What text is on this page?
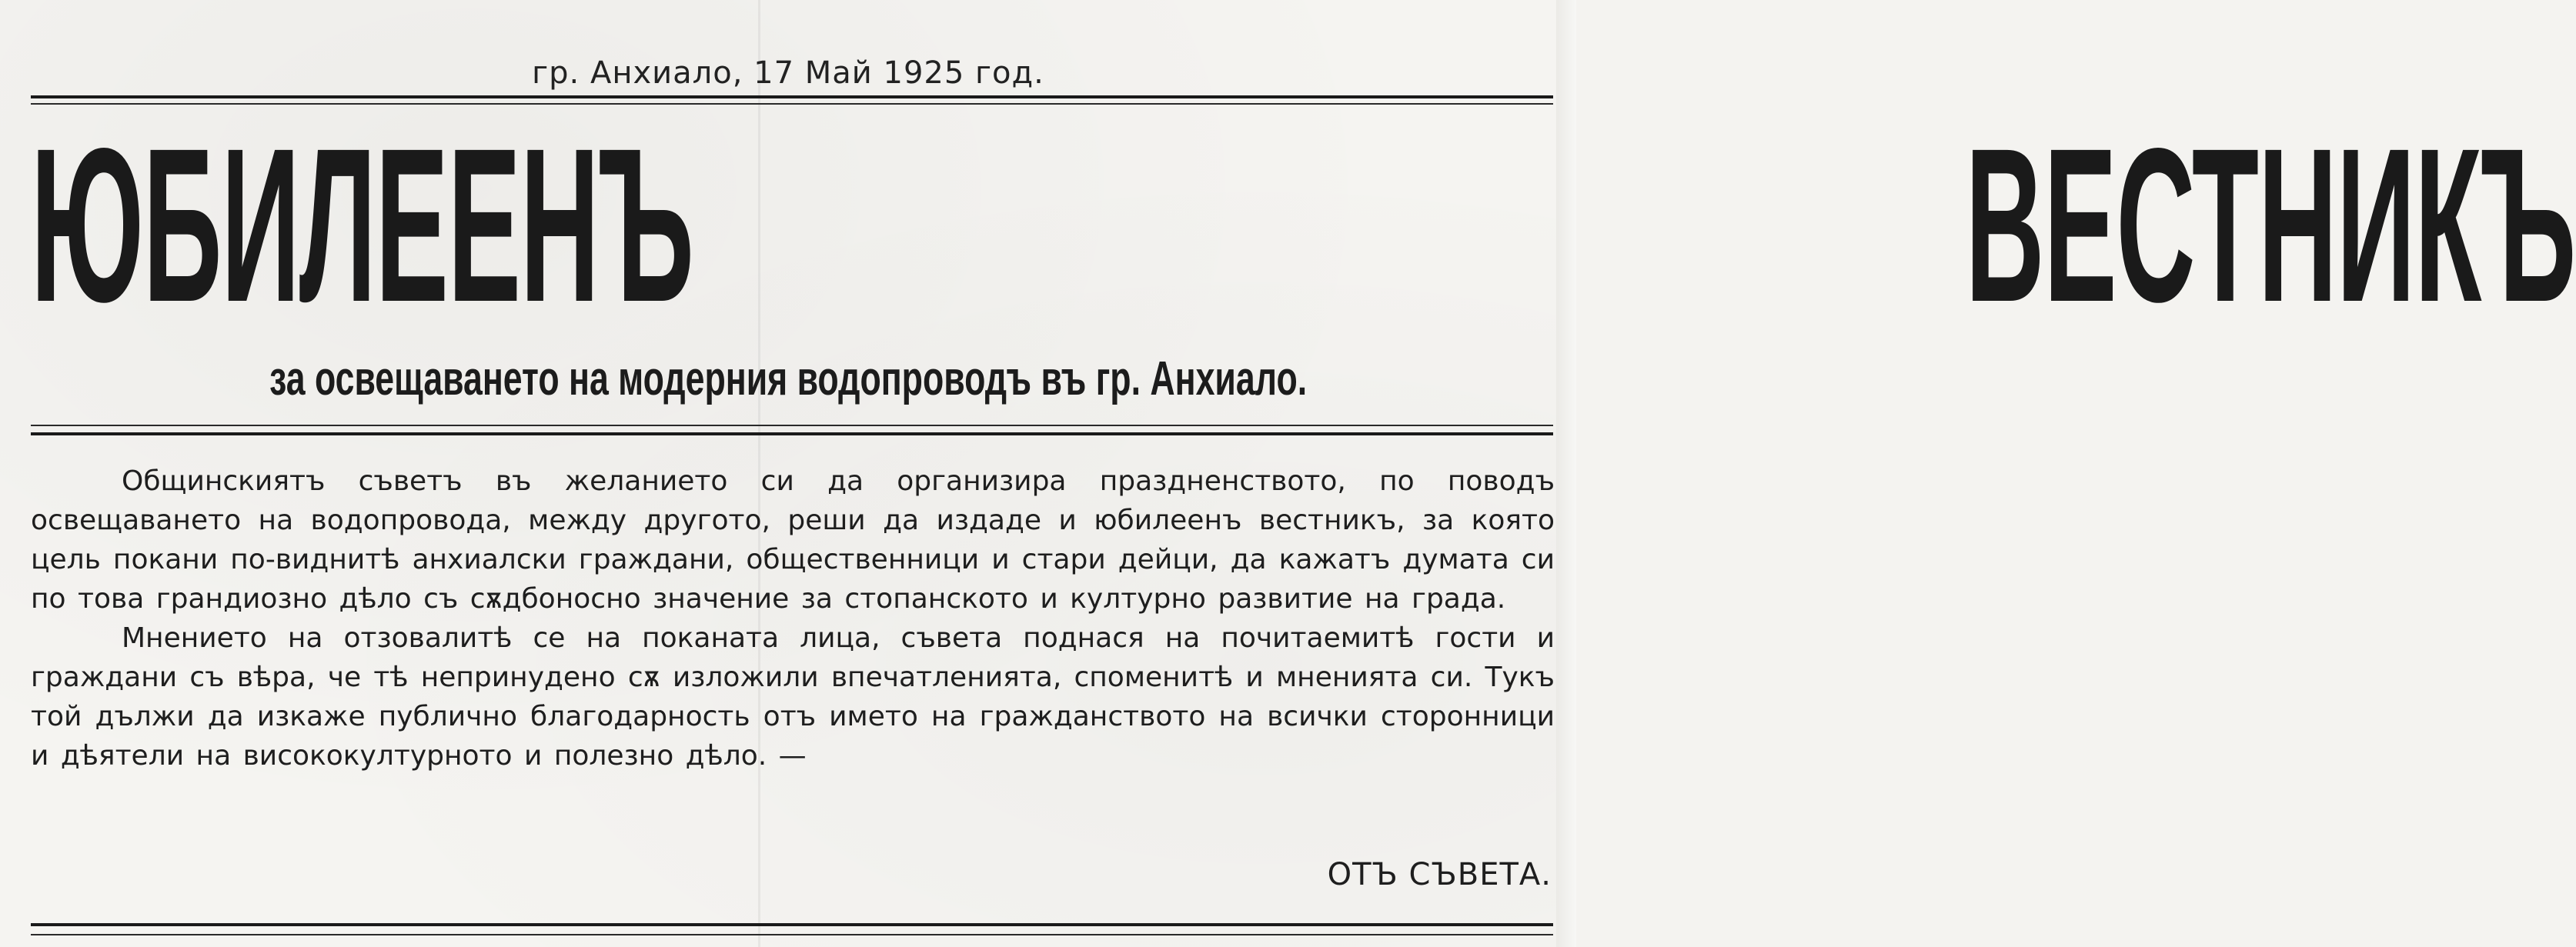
гр. Анхиало, 17 Май 1925 год.
ЮБИЛЕЕНЪ	ВЕСТНИКЪ
за освещаването на модерния водопроводъ въ гр. Анхиало.

Общинскиятъ съветъ въ желанието си да организира празднeнството, по поводъ освещаването на водопровода, между другото, реши да издаде и юбилеенъ вестникъ, за която цель покани по-виднитѣ анхиалски граждани, общественници и стари дейци, да кажатъ думата си по това грандиозно дѣло съ сѫдбоносно значение за стопанското и културно развитие на града.

Мнението на отзовалитѣ се на поканата лица, съвета поднася на почитаемитѣ гости и граждани съ вѣра, че тѣ непринудено сѫ изложили впечатленията, споменитѣ и мненията си. Тукъ той дължи да изкаже публично благодарность отъ името на гражданството на всички сторонници и дѣятели на висококултурното и полезно дѣло. —

ОТЪ СЪВЕТА.
